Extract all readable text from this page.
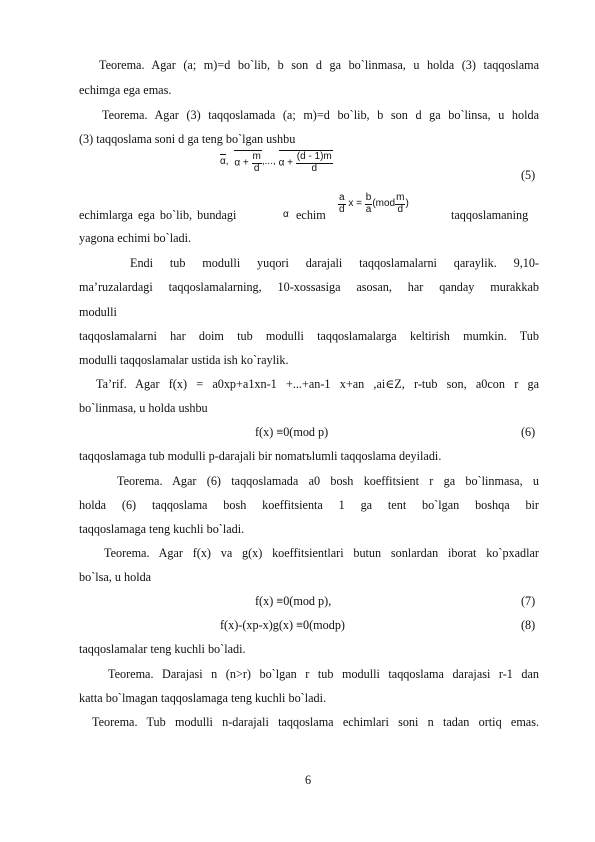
Teorema. Agar (a; m)=d bo`lib, b son d ga bo`linmasa, u holda (3) taqqoslama
echimga ega emas.
Teorema. Agar (3) taqqoslamada (a; m)=d bo`lib, b son d ga bo`linsa, u holda
(3) taqqoslama soni d ga teng bo`lgan ushbu
α, $\alpha + \frac{m}{d}$ ,..., $\alpha + \frac{(d - 1)m}{d}$
(5)
echimlarga ega bo`lib, bundagi	α echim $\frac{a}{d}$ $x = \frac{b}{a} (mod \frac{m}{d}$ )
taqqoslamaning
yagona echimi bo`ladi.
Endi tub modulli yuqori darajali taqqoslamalarni qaraylik. 9,10-
ma’ruzalardagi taqqoslamalarning, 10-xossasiga asosan, har qanday murakkab
modulli
taqqoslamalarni har doim tub modulli taqqoslamalarga keltirish mumkin. Tub
modulli taqqoslamalar ustida ish ko`raylik.
Ta’rif. Agar f(x) = a0xp+a1xn-1 +...+an-1 x+an ,ai∈Z, r-tub son, a0con r ga
bo`linmasa, u holda ushbu
f(x) ≡0(mod p)	(6)
taqqoslamaga tub modulli p-darajali bir nomatъlumli taqqoslama deyiladi.
Teorema. Agar (6) taqqoslamada a0 bosh koeffitsient r ga bo`linmasa, u
holda (6) taqqoslama bosh koeffitsienta 1 ga tent bo`lgan boshqa bir
taqqoslamaga teng kuchli bo`ladi.
Teorema. Agar f(x) va g(x) koeffitsientlari butun sonlardan iborat ko`pxadlar
bo`lsa, u holda
f(x) ≡0(mod p),	(7)
f(x)-(xp-x)g(x) ≡0(modp)	(8)
taqqoslamalar teng kuchli bo`ladi.
Teorema. Darajasi n (n>r) bo`lgan r tub modulli taqqoslama darajasi r-1 dan
katta bo`lmagan taqqoslamaga teng kuchli bo`ladi.
Teorema. Tub modulli n-darajali taqqoslama echimlari soni n tadan ortiq emas.
6
